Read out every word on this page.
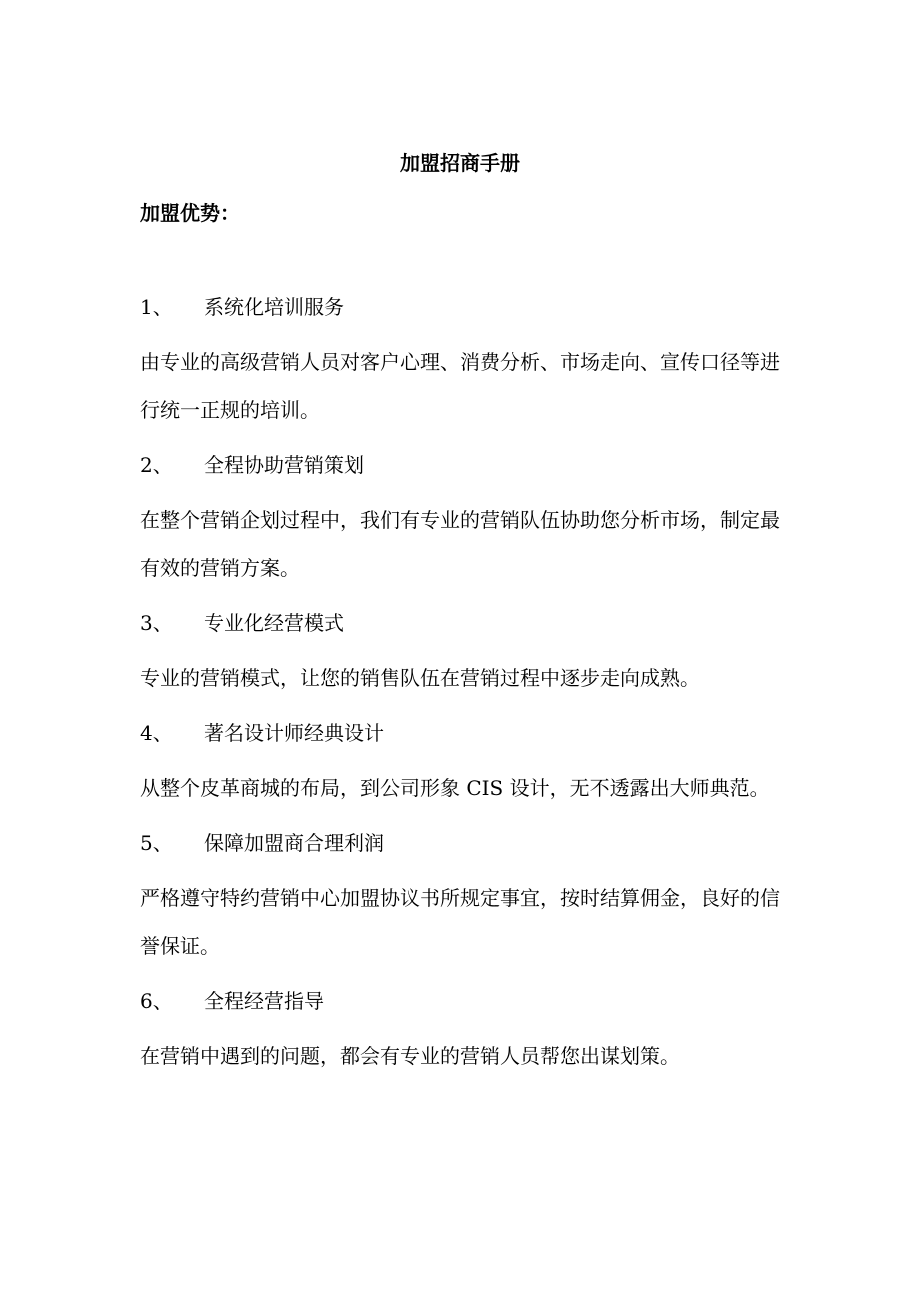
加盟招商手册
加盟优势：
1、	系统化培训服务
由专业的高级营销人员对客户心理、消费分析、市场走向、宣传口径等进行统一正规的培训。
2、	全程协助营销策划
在整个营销企划过程中，我们有专业的营销队伍协助您分析市场，制定最有效的营销方案。
3、	专业化经营模式
专业的营销模式，让您的销售队伍在营销过程中逐步走向成熟。
4、	著名设计师经典设计
从整个皮革商城的布局，到公司形象 CIS 设计，无不透露出大师典范。
5、	保障加盟商合理利润
严格遵守特约营销中心加盟协议书所规定事宜，按时结算佣金，良好的信誉保证。
6、	全程经营指导
在营销中遇到的问题，都会有专业的营销人员帮您出谋划策。
